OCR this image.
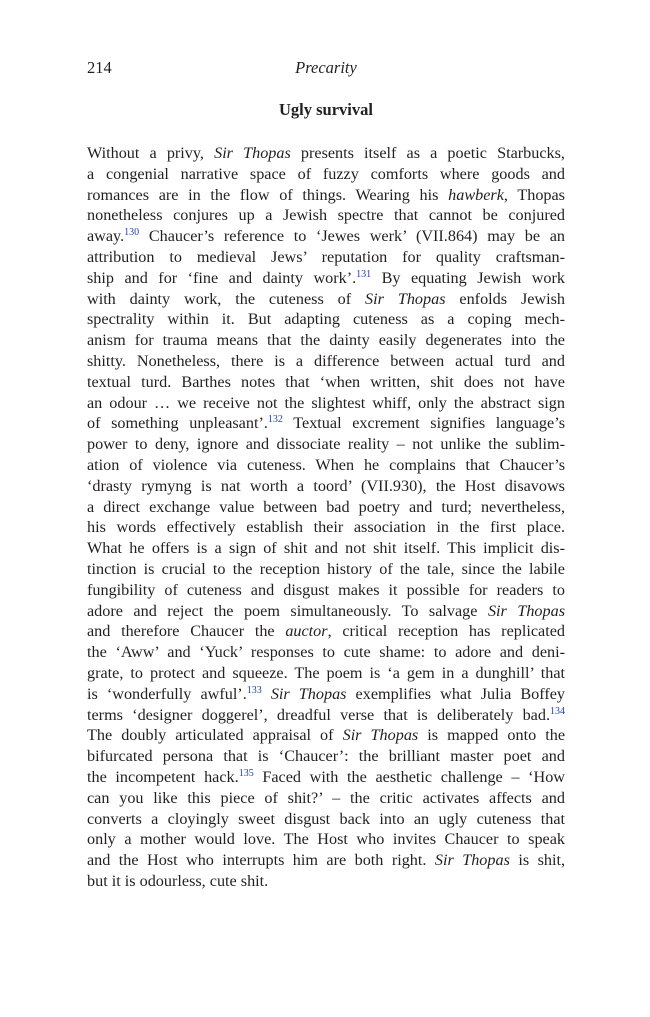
214	Precarity
Ugly survival
Without a privy, Sir Thopas presents itself as a poetic Starbucks,
a congenial narrative space of fuzzy comforts where goods and
romances are in the flow of things. Wearing his hawberk, Thopas
nonetheless conjures up a Jewish spectre that cannot be conjured
away.$^{130}$ Chaucer’s reference to ‘Jewes werk’ (VII.864) may be an
attribution to medieval Jews’ reputation for quality craftsman-
ship and for ‘fine and dainty work’.$^{131}$ By equating Jewish work
with dainty work, the cuteness of Sir Thopas enfolds Jewish
spectrality within it. But adapting cuteness as a coping mech-
anism for trauma means that the dainty easily degenerates into the
shitty. Nonetheless, there is a difference between actual turd and
textual turd. Barthes notes that ‘when written, shit does not have
an odour … we receive not the slightest whiff, only the abstract sign
of something unpleasant’.$^{132}$ Textual excrement signifies language’s
power to deny, ignore and dissociate reality – not unlike the sublim-
ation of violence via cuteness. When he complains that Chaucer’s
‘drasty rymyng is nat worth a toord’ (VII.930), the Host disavows
a direct exchange value between bad poetry and turd; nevertheless,
his words effectively establish their association in the first place.
What he offers is a sign of shit and not shit itself. This implicit dis-
tinction is crucial to the reception history of the tale, since the labile
fungibility of cuteness and disgust makes it possible for readers to
adore and reject the poem simultaneously. To salvage Sir Thopas
and therefore Chaucer the auctor, critical reception has replicated
the ‘Aww’ and ‘Yuck’ responses to cute shame: to adore and deni-
grate, to protect and squeeze. The poem is ‘a gem in a dunghill’ that
is ‘wonderfully awful’.$^{133}$ Sir Thopas exemplifies what Julia Boffey
terms ‘designer doggerel’, dreadful verse that is deliberately bad.$^{134}$
The doubly articulated appraisal of Sir Thopas is mapped onto the
bifurcated persona that is ‘Chaucer’: the brilliant master poet and
the incompetent hack.$^{135}$ Faced with the aesthetic challenge – ‘How
can you like this piece of shit?’ – the critic activates affects and
converts a cloyingly sweet disgust back into an ugly cuteness that
only a mother would love. The Host who invites Chaucer to speak
and the Host who interrupts him are both right. Sir Thopas is shit,
but it is odourless, cute shit.
